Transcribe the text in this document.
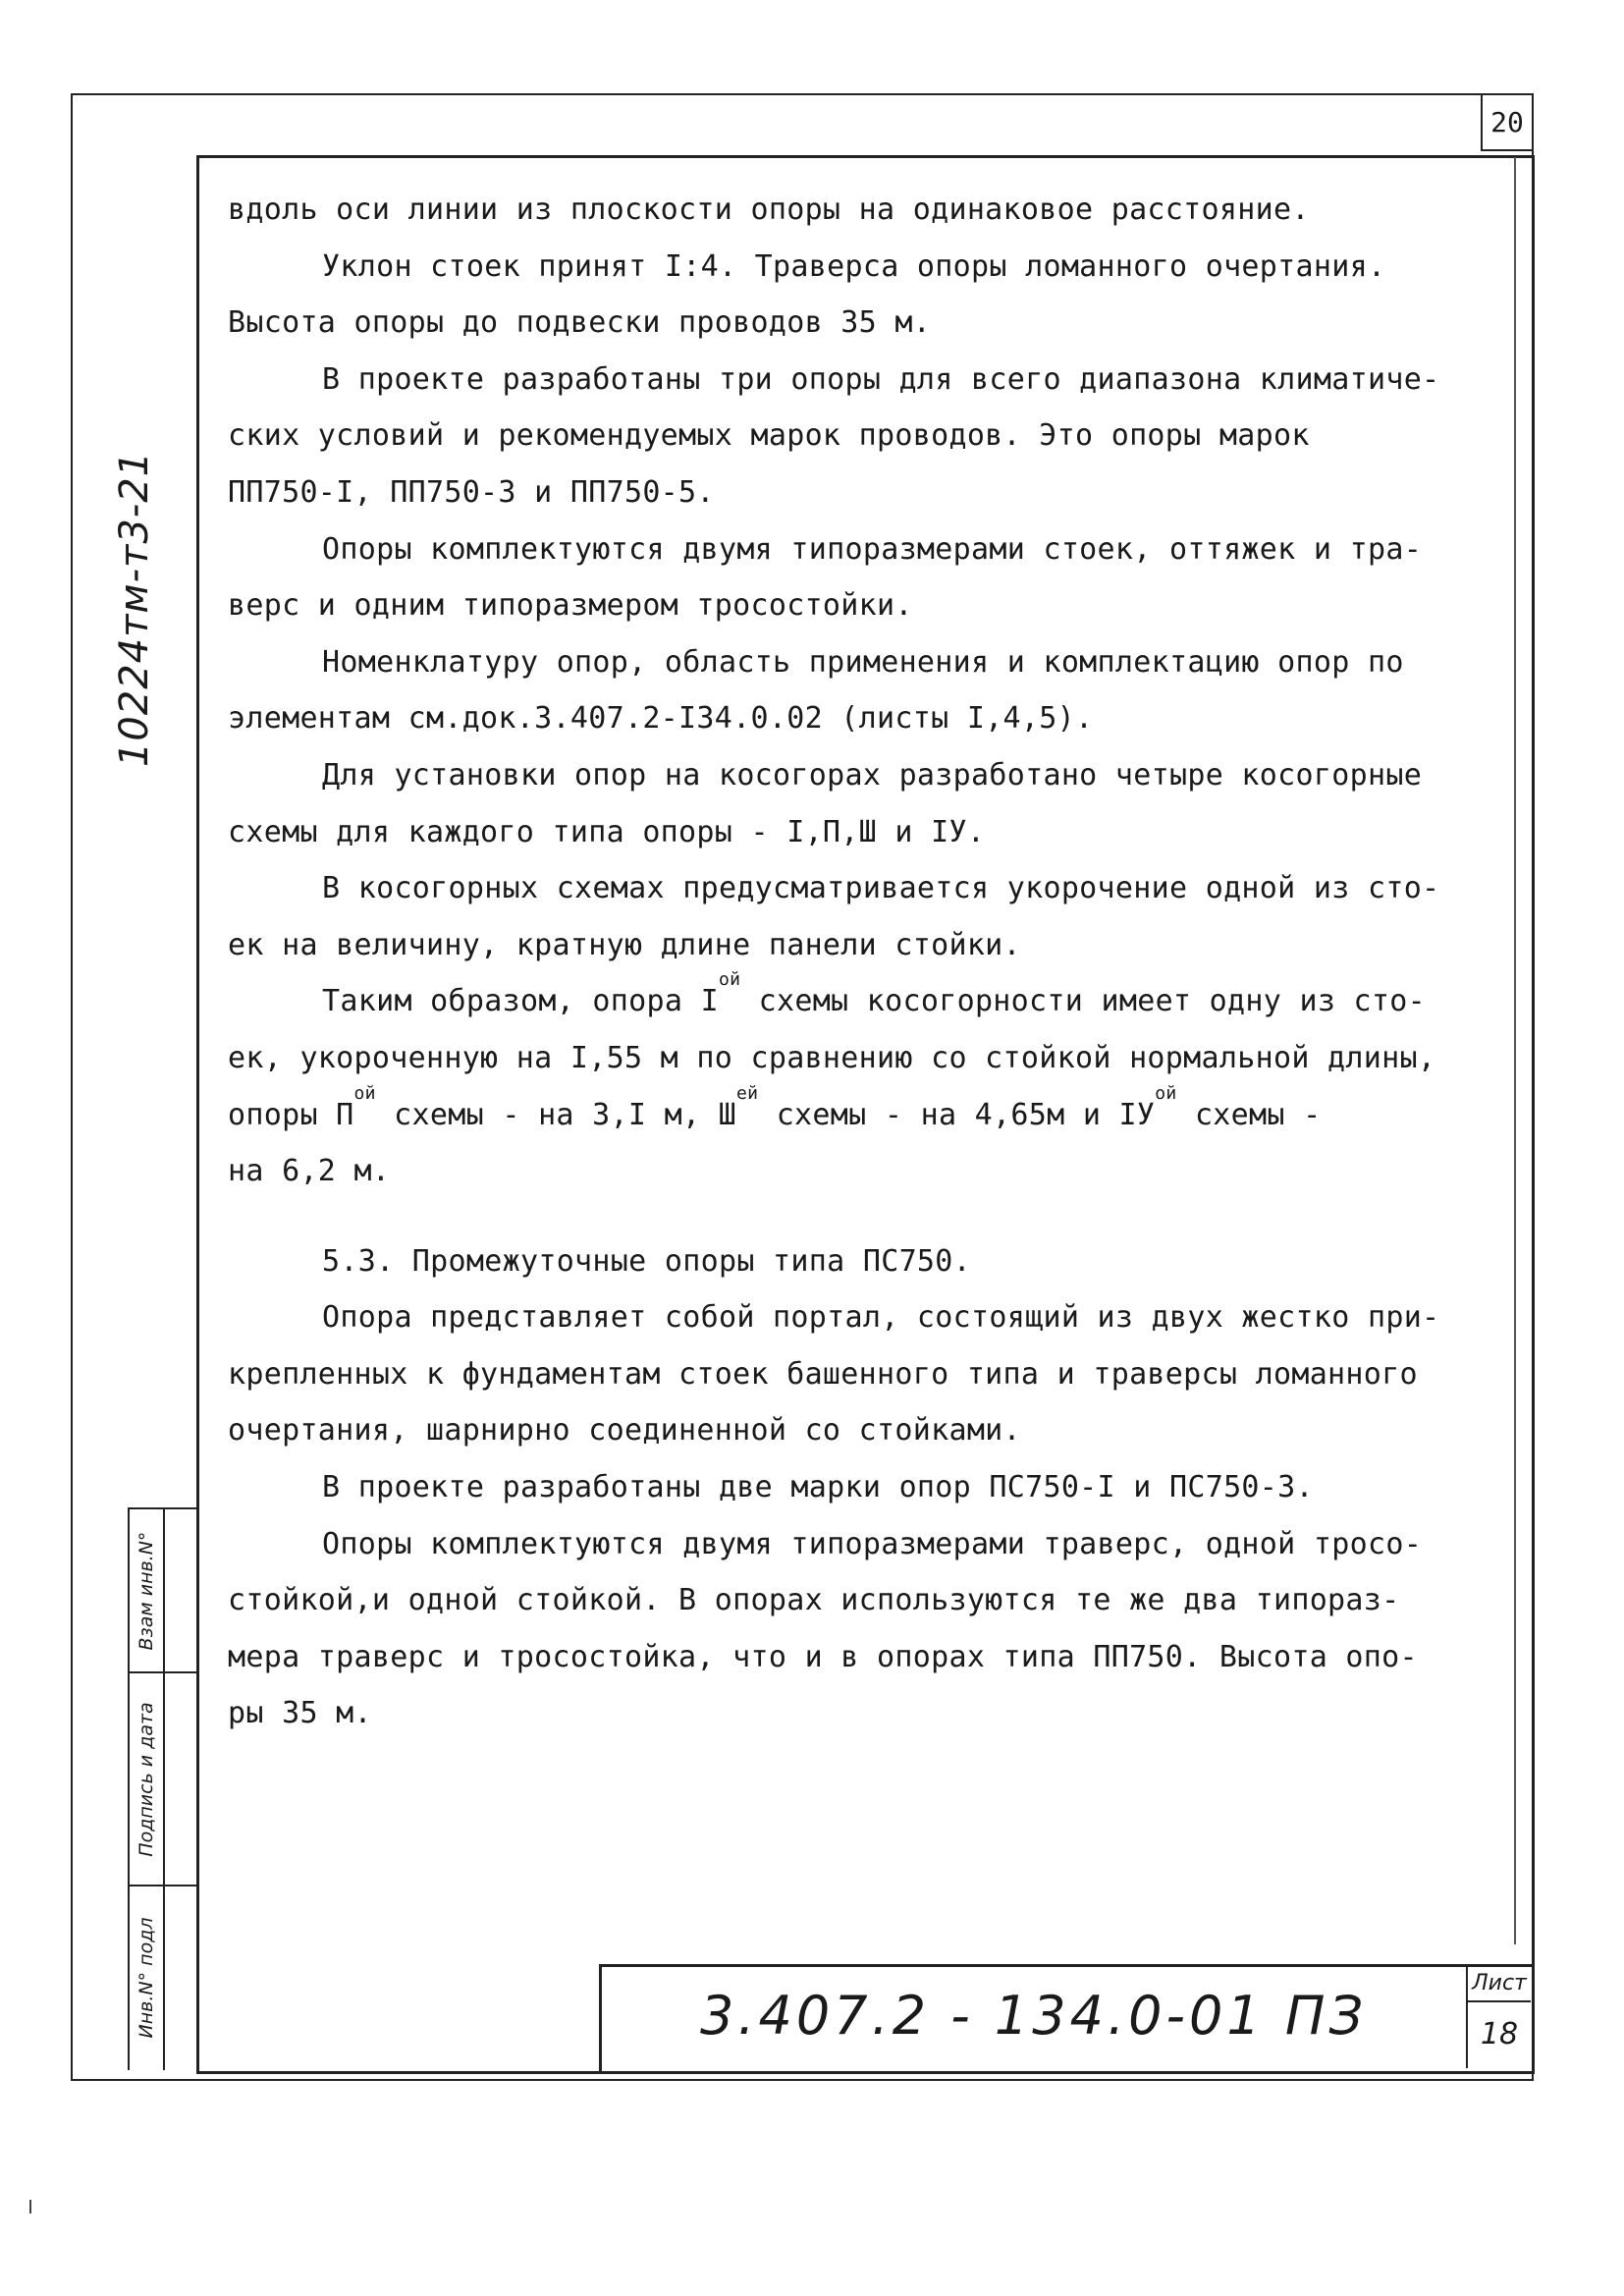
20
10224тм-т3-21

вдоль оси линии из плоскости опоры на одинаковое расстояние.

Уклон стоек принят I:4. Траверса опоры ломанного очертания.

Высота опоры до подвески проводов 35 м.

В проекте разработаны три опоры для всего диапазона климатиче-

ских условий и рекомендуемых марок проводов. Это опоры марок

ПП750-I, ПП750-3 и ПП750-5.

Опоры комплектуются двумя типоразмерами стоек, оттяжек и тра-

верс и одним типоразмером тросостойки.

Номенклатуру опор, область применения и комплектацию опор по

элементам см.док.3.407.2-I34.0.02 (листы I,4,5).

Для установки опор на косогорах разработано четыре косогорные

схемы для каждого типа опоры - I,П,Ш и IУ.

В косогорных схемах предусматривается укорочение одной из сто-

ек на величину, кратную длине панели стойки.

Таким образом, опора $I^{ой}$ схемы косогорности имеет одну из сто-

ек, укороченную на I,55 м по сравнению со стойкой нормальной длины,

опоры $П^{ой}$ схемы - на 3,I м, $Ш^{ей}$ схемы - на 4,65м и $IУ^{ой}$ схемы -

на 6,2 м.

5.3. Промежуточные опоры типа ПС750.

Опора представляет собой портал, состоящий из двух жестко при-

крепленных к фундаментам стоек башенного типа и траверсы ломанного

очертания, шарнирно соединенной со стойками.

В проекте разработаны две марки опор ПС750-I и ПС750-3.

Опоры комплектуются двумя типоразмерами траверс, одной тросо-

стойкой,и одной стойкой. В опорах используются те же два типораз-

мера траверс и тросостойка, что и в опорах типа ПП750. Высота опо-

ры 35 м.

Взам инв.N°
Подпись и дата
Инв.N° подл	3.407.2 - 134.0-01 ПЗ
Лист
18
